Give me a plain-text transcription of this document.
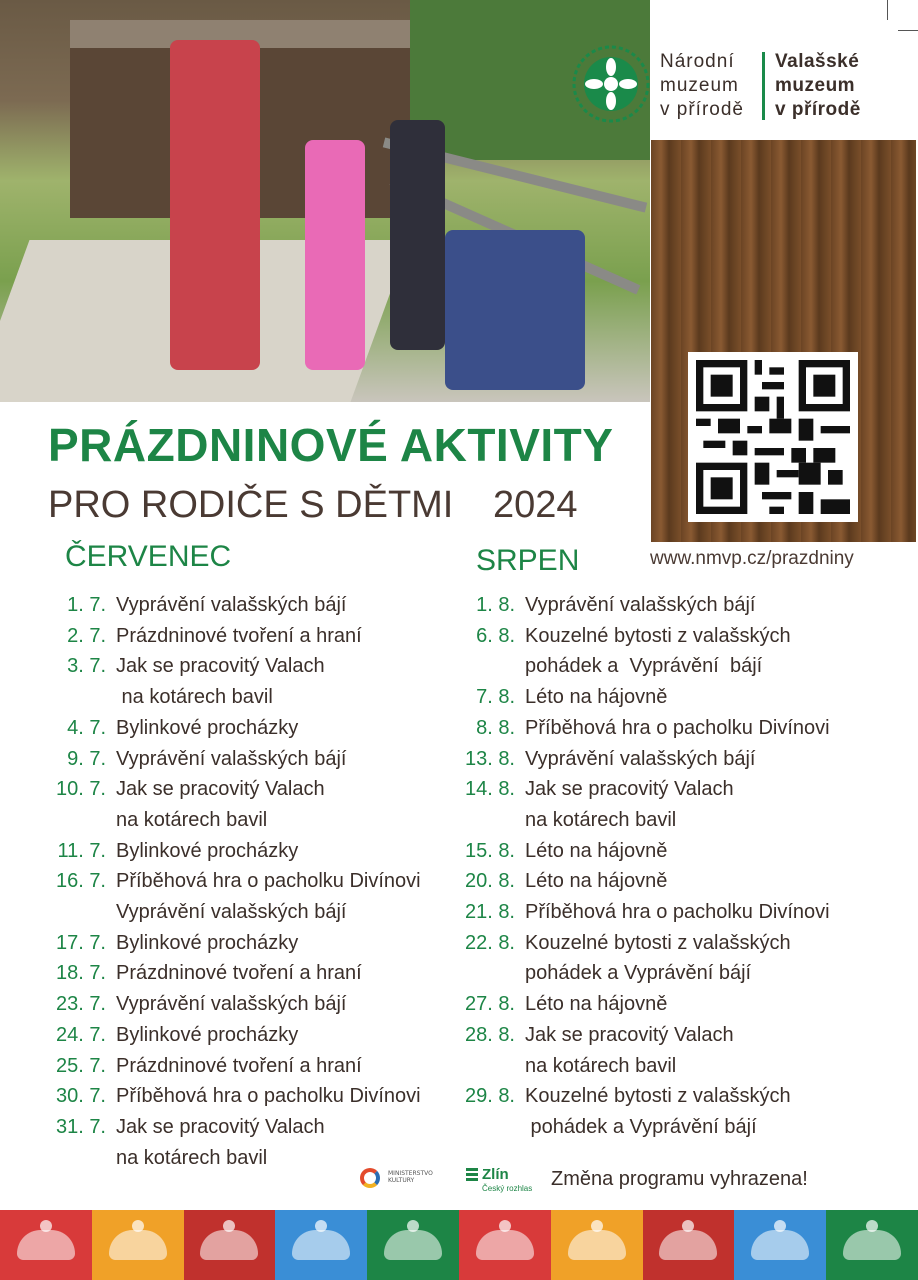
Národní
muzeum
v přírodě
Valašské
muzeum
v přírodě
PRÁZDNINOVÉ AKTIVITY
PRO RODIČE S DĚTMI 2024
www.nmvp.cz/prazdniny
ČERVENEC	SRPEN
1. 7. Vyprávění valašských bájí
2. 7. Prázdninové tvoření a hraní
3. 7. Jak se pracovitý Valach
na kotárech bavil
4. 7. Bylinkové procházky
9. 7. Vyprávění valašských bájí
10. 7. Jak se pracovitý Valach
na kotárech bavil
11. 7. Bylinkové procházky
16. 7. Příběhová hra o pacholku Divínovi
Vyprávění valašských bájí
17. 7. Bylinkové procházky
18. 7. Prázdninové tvoření a hraní
23. 7. Vyprávění valašských bájí
24. 7. Bylinkové procházky
25. 7. Prázdninové tvoření a hraní
30. 7. Příběhová hra o pacholku Divínovi
31. 7. Jak se pracovitý Valach
na kotárech bavil
1. 8. Vyprávění valašských bájí
6. 8. Kouzelné bytosti z valašských
pohádek a  Vyprávění  bájí
7. 8. Léto na hájovně
8. 8. Příběhová hra o pacholku Divínovi
13. 8. Vyprávění valašských bájí
14. 8. Jak se pracovitý Valach
na kotárech bavil
15. 8. Léto na hájovně
20. 8. Léto na hájovně
21. 8. Příběhová hra o pacholku Divínovi
22. 8. Kouzelné bytosti z valašských
pohádek a Vyprávění bájí
27. 8. Léto na hájovně
28. 8. Jak se pracovitý Valach
na kotárech bavil
29. 8. Kouzelné bytosti z valašských
pohádek a Vyprávění bájí
MINISTERSTVO
KULTURY	Zlín
Český rozhlas Změna programu vyhrazena!
